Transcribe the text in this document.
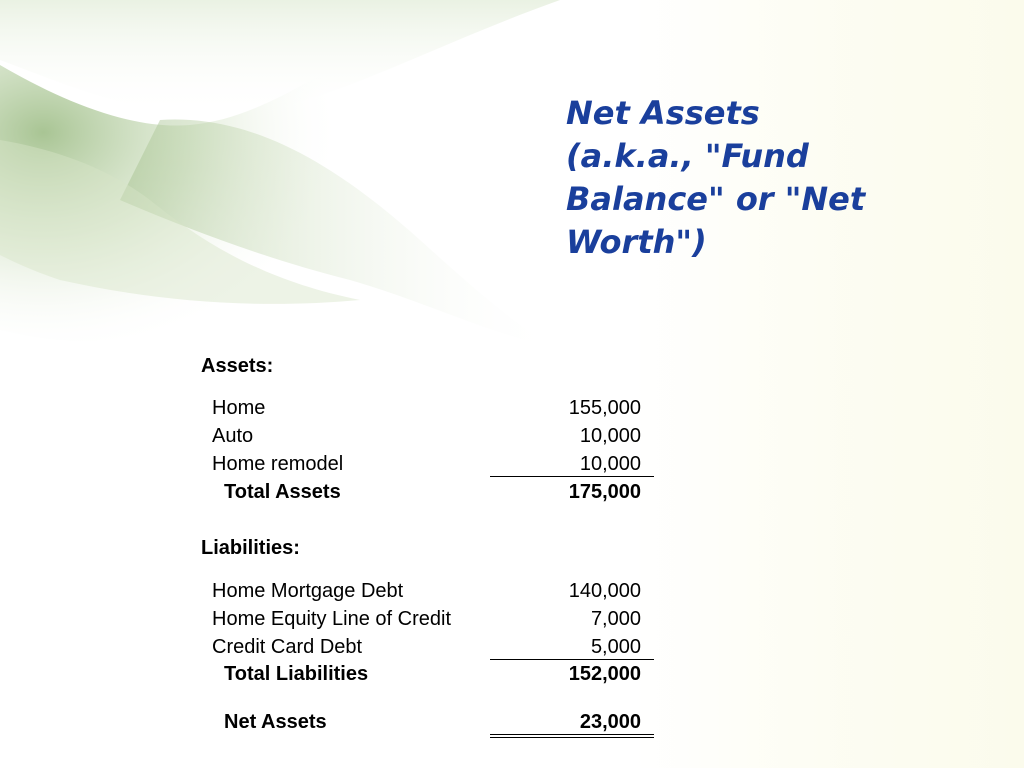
Net Assets (a.k.a., "Fund Balance" or "Net Worth")
Assets:
Home	155,000
Auto	10,000
Home remodel	10,000
Total Assets	175,000
Liabilities:
Home Mortgage Debt	140,000
Home Equity Line of Credit	7,000
Credit Card Debt	5,000
Total Liabilities	152,000
Net Assets	23,000
